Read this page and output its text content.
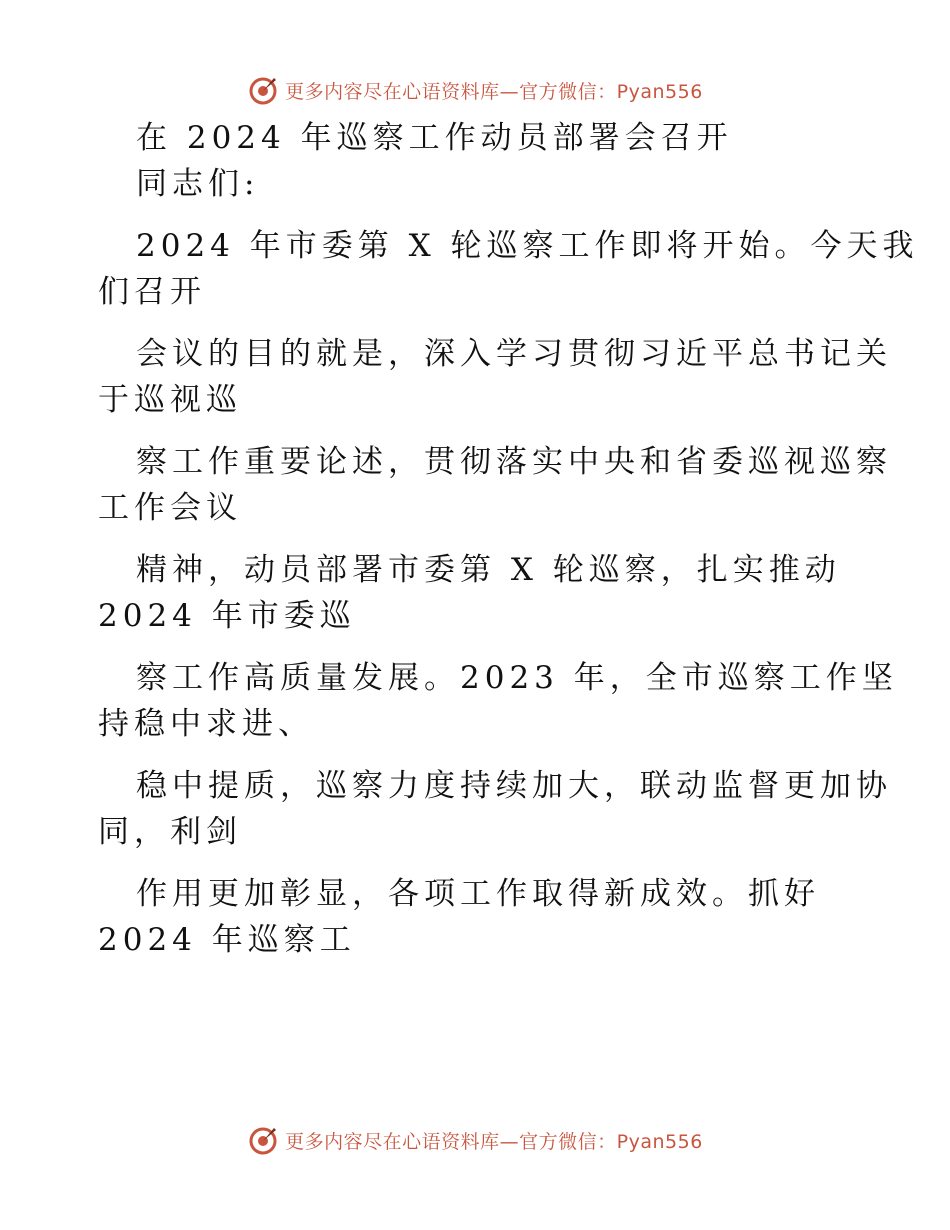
更多内容尽在心语资料库—官方微信：Pyan556

在 2024 年巡察工作动员部署会召开

同志们:

2024 年市委第 X 轮巡察工作即将开始。今天我

们召开

会议的目的就是，深入学习贯彻习近平总书记关

于巡视巡

察工作重要论述，贯彻落实中央和省委巡视巡察

工作会议

精神，动员部署市委第 X 轮巡察，扎实推动

2024 年市委巡

察工作高质量发展。2023 年，全市巡察工作坚

持稳中求进、

稳中提质，巡察力度持续加大，联动监督更加协

同，利剑

作用更加彰显，各项工作取得新成效。抓好

2024 年巡察工

更多内容尽在心语资料库—官方微信：Pyan556
